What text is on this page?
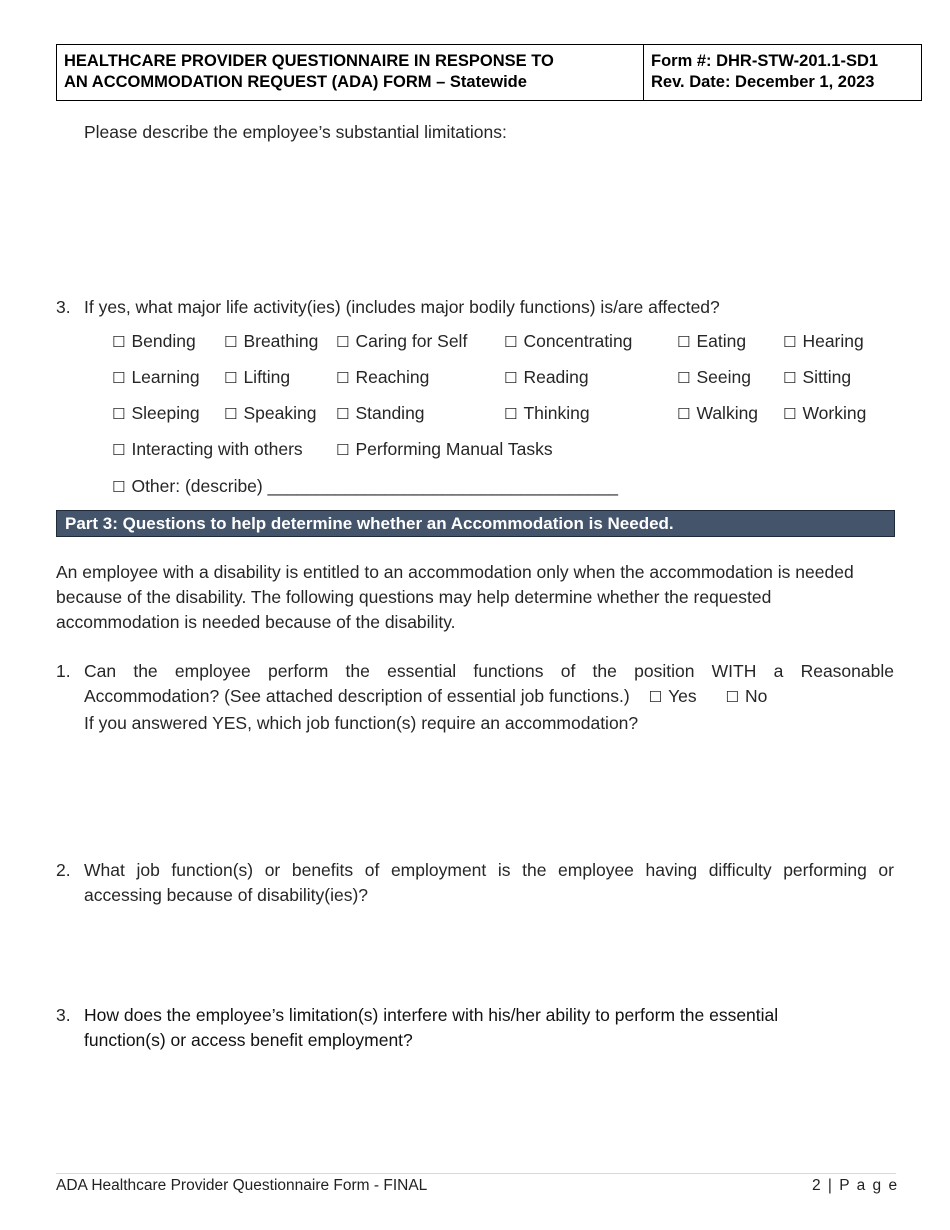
HEALTHCARE PROVIDER QUESTIONNAIRE IN RESPONSE TO
AN ACCOMMODATION REQUEST (ADA) FORM – Statewide
Form #: DHR-STW-201.1-SD1
Rev. Date: December 1, 2023
Please describe the employee’s substantial limitations:
3. If yes, what major life activity(ies) (includes major bodily functions) is/are affected?
☐ Bending ☐ Breathing ☐ Caring for Self ☐ Concentrating	☐ Eating ☐ Hearing
☐ Learning ☐ Lifting	☐ Reaching	☐ Reading	☐ Seeing ☐ Sitting
☐ Sleeping ☐ Speaking ☐ Standing	☐ Thinking	☐ Walking ☐ Working
☐ Interacting with others ☐ Performing Manual Tasks
☐ Other: (describe) ____________________________________
Part 3: Questions to help determine whether an Accommodation is Needed.
An employee with a disability is entitled to an accommodation only when the accommodation is needed
because of the disability. The following questions may help determine whether the requested
accommodation is needed because of the disability.
1. Can the employee perform the essential functions of the position WITH a Reasonable
Accommodation? (See attached description of essential job functions.) ☐ Yes ☐ No
If you answered YES, which job function(s) require an accommodation?
2. What job function(s) or benefits of employment is the employee having difficulty performing or
accessing because of disability(ies)?
3. How does the employee’s limitation(s) interfere with his/her ability to perform the essential
function(s) or access benefit employment?
ADA Healthcare Provider Questionnaire Form - FINAL	2 | P a g e
